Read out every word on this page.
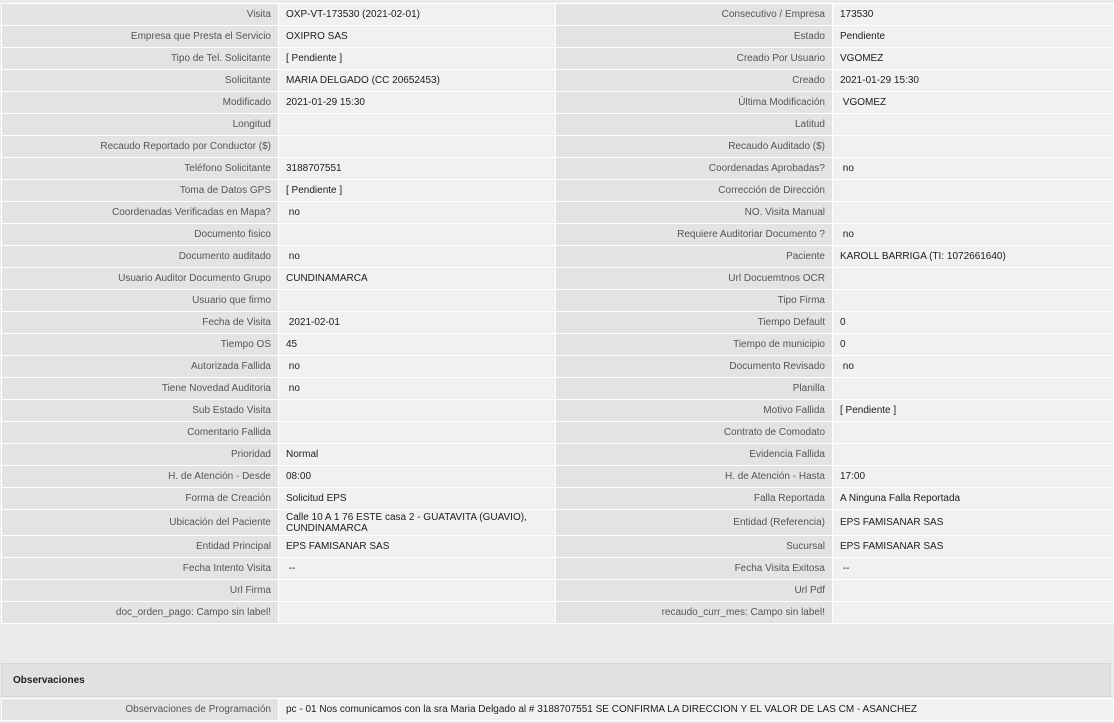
Visita	OXP-VT-173530 (2021-02-01)	Consecutivo / Empresa	173530
Empresa que Presta el Servicio	OXIPRO SAS	Estado	Pendiente
Tipo de Tel. Solicitante	[ Pendiente ]	Creado Por Usuario	VGOMEZ
Solicitante	MARIA DELGADO (CC 20652453)	Creado	2021-01-29 15:30
Modificado	2021-01-29 15:30	Última Modificación	VGOMEZ
Longitud		Latitud	
Recaudo Reportado por Conductor ($)		Recaudo Auditado ($)	
Teléfono Solicitante	3188707551	Coordenadas Aprobadas?	no
Toma de Datos GPS	[ Pendiente ]	Corrección de Dirección	
Coordenadas Verificadas en Mapa?	no	NO. Visita Manual	
Documento fisico		Requiere Auditoriar Documento ?	no
Documento auditado	no	Paciente	KAROLL BARRIGA (TI: 1072661640)
Usuario Auditor Documento Grupo	CUNDINAMARCA	Url Docuemtnos OCR	
Usuario que firmo		Tipo Firma	
Fecha de Visita	2021-02-01	Tiempo Default	0
Tiempo OS	45	Tiempo de municipio	0
Autorizada Fallida	no	Documento Revisado	no
Tiene Novedad Auditoria	no	Planilla	
Sub Estado Visita		Motivo Fallida	[ Pendiente ]
Comentario Fallida		Contrato de Comodato	
Prioridad	Normal	Evidencia Fallida	
H. de Atención - Desde	08:00	H. de Atención - Hasta	17:00
Forma de Creación	Solicitud EPS	Falla Reportada	A Ninguna Falla Reportada
Ubicación del Paciente	Calle 10 A 1 76 ESTE casa 2 - GUATAVITA (GUAVIO), CUNDINAMARCA	Entidad (Referencia)	EPS FAMISANAR SAS
Entidad Principal	EPS FAMISANAR SAS	Sucursal	EPS FAMISANAR SAS
Fecha Intento Visita	--	Fecha Visita Exitosa	--
Url Firma		Url Pdf	
doc_orden_pago: Campo sin label!		recaudo_curr_mes: Campo sin label!	
Observaciones
Observaciones de Programación	pc - 01 Nos comunicamos con la sra Maria Delgado al # 3188707551 SE CONFIRMA LA DIRECCION Y EL VALOR DE LAS CM - ASANCHEZ
